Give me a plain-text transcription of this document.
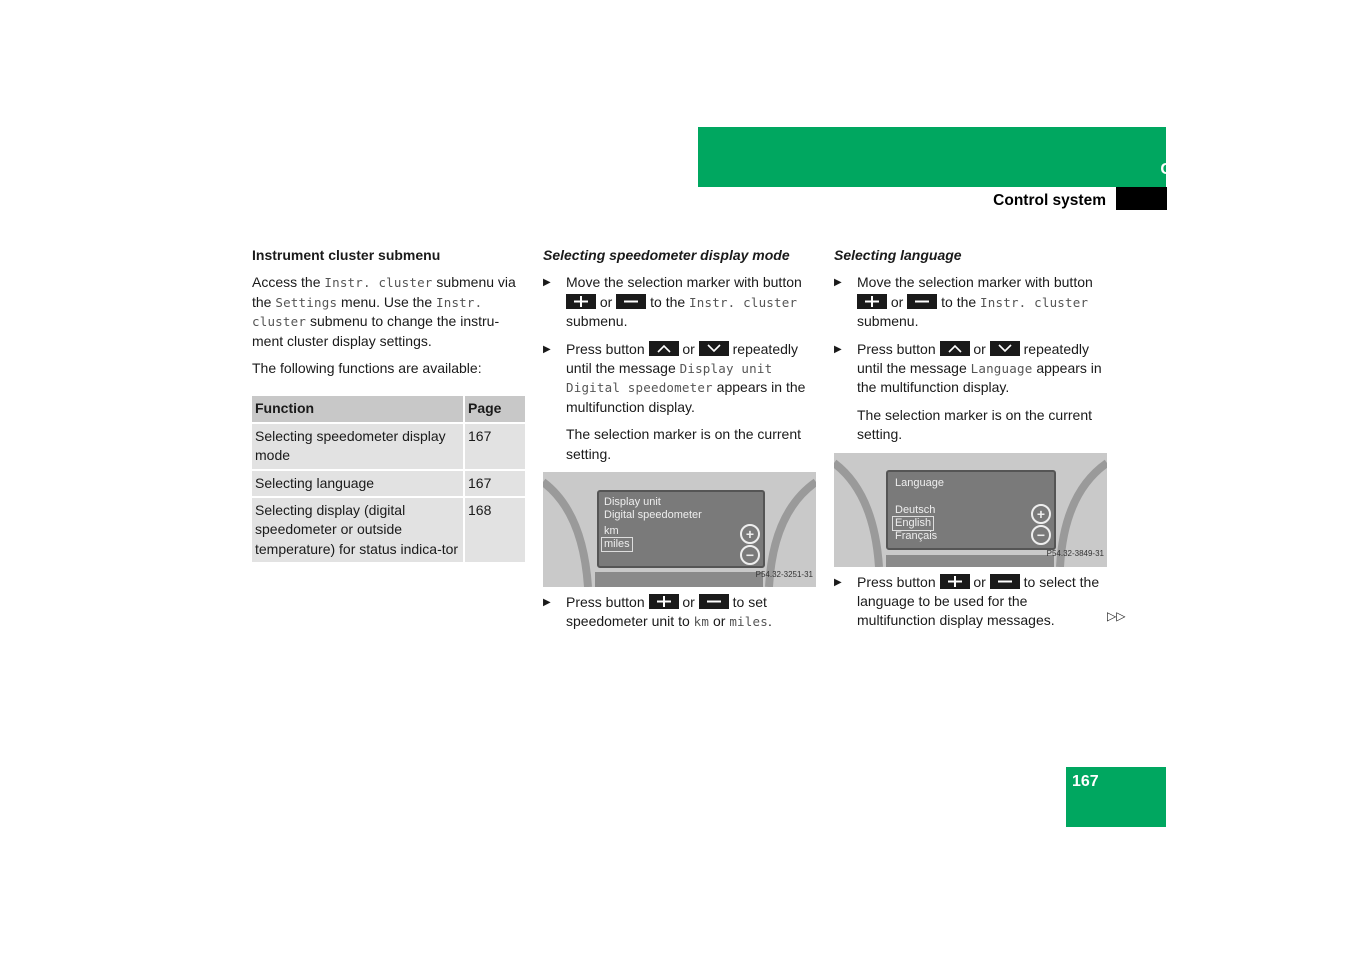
Controls in detail
Control system
Instrument cluster submenu

Access the Instr. cluster submenu via the Settings menu. Use the Instr. cluster submenu to change the instru-ment cluster display settings.

The following functions are available:

Function	Page
Selecting speedometer display mode	167
Selecting language	167
Selecting display (digital speedometer or outside temperature) for status indica-tor	168
Selecting speedometer display mode
▶ Move the selection marker with button
or
to the Instr. cluster submenu.
▶ Press button
or
repeatedly until the message Display unit Digital speedometer appears in the multifunction display.
The selection marker is on the current setting.
Display unit
Digital speedometer
km
miles
+
−
P54.32-3251-31
▶ Press button
or
to set speedometer unit to km or miles.
Selecting language
▶ Move the selection marker with button
or
to the Instr. cluster submenu.
▶ Press button
or
repeatedly until the message Language appears in the multifunction display.
The selection marker is on the current setting.
Language
Deutsch
English
Français
+
−
P54.32-3849-31
▶ Press button
or
to select the language to be used for the multifunction display messages.	▷▷
167
